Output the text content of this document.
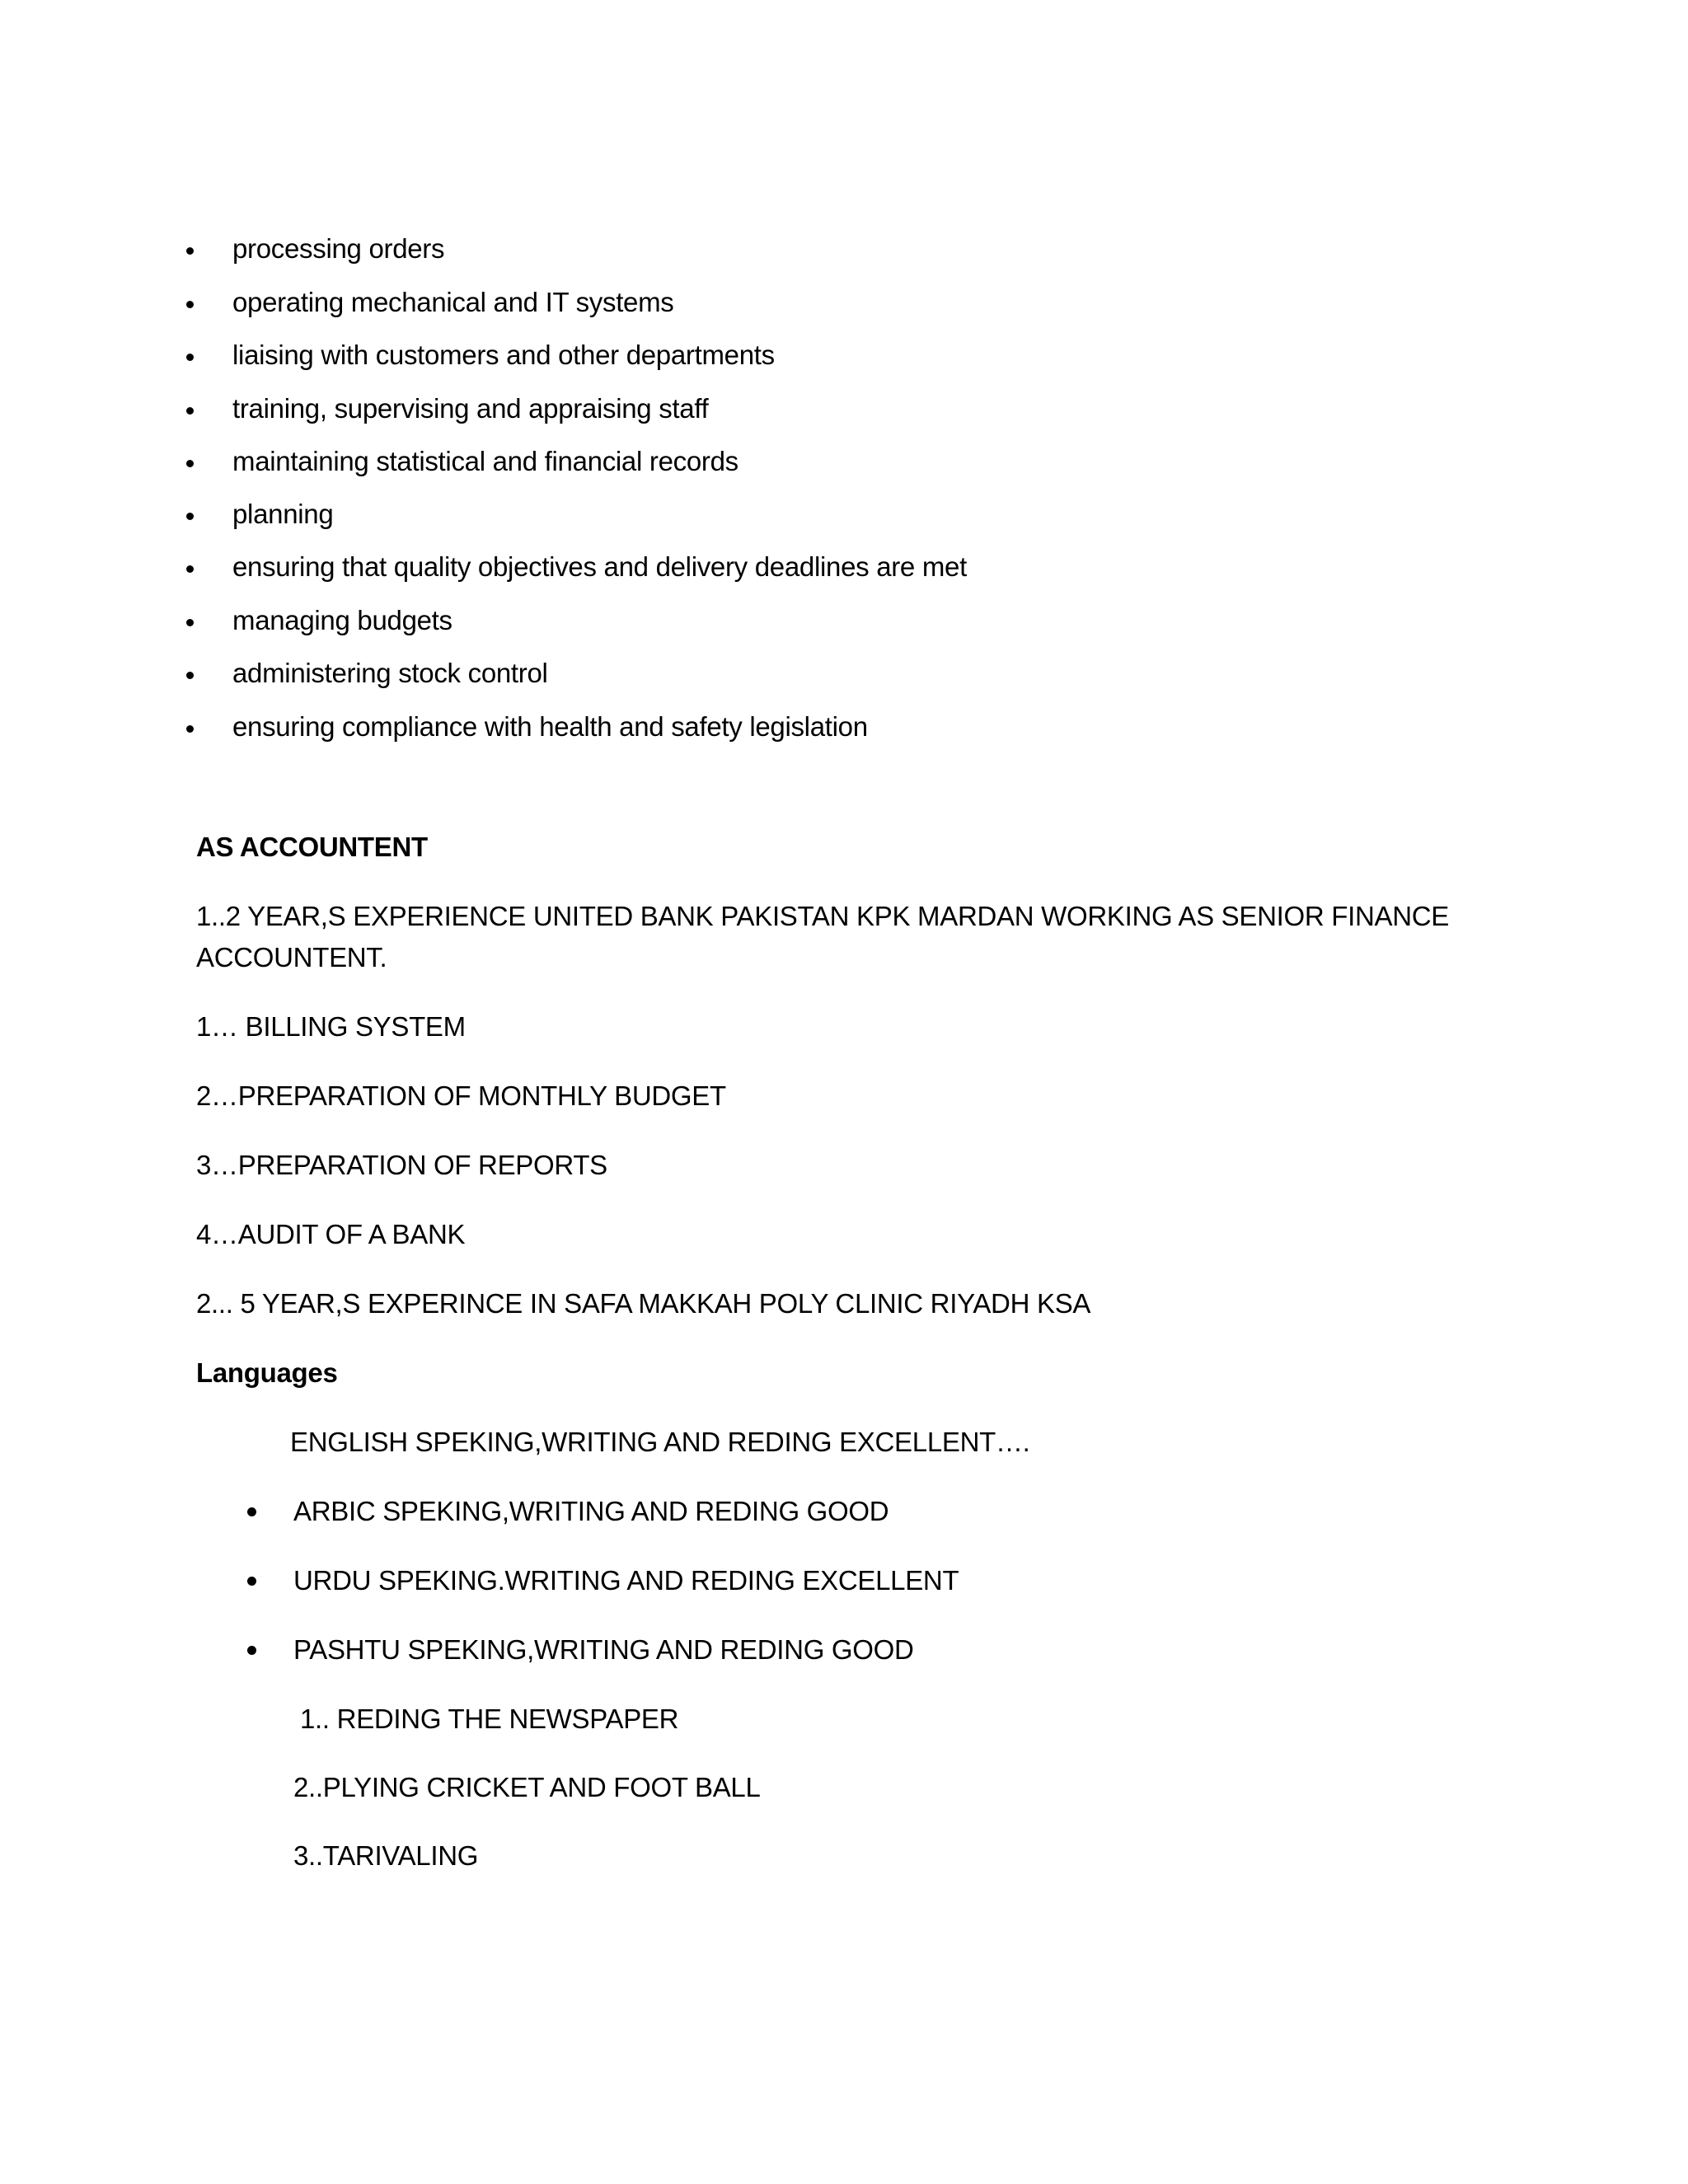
processing orders
operating mechanical and IT systems
liaising with customers and other departments
training, supervising and appraising staff
maintaining statistical and financial records
planning
ensuring that quality objectives and delivery deadlines are met
managing budgets
administering stock control
ensuring compliance with health and safety legislation
AS ACCOUNTENT
1..2 YEAR,S EXPERIENCE UNITED BANK PAKISTAN KPK MARDAN WORKING AS SENIOR FINANCE
ACCOUNTENT.
1… BILLING SYSTEM
2…PREPARATION OF MONTHLY BUDGET
3…PREPARATION OF REPORTS
4…AUDIT OF A BANK
2... 5 YEAR,S EXPERINCE IN SAFA MAKKAH POLY CLINIC RIYADH KSA
Languages
ENGLISH SPEKING,WRITING AND REDING EXCELLENT….
ARBIC SPEKING,WRITING AND REDING GOOD
URDU SPEKING.WRITING AND REDING EXCELLENT
PASHTU SPEKING,WRITING AND REDING GOOD
1.. REDING THE NEWSPAPER
2..PLYING CRICKET AND FOOT BALL
3..TARIVALING
